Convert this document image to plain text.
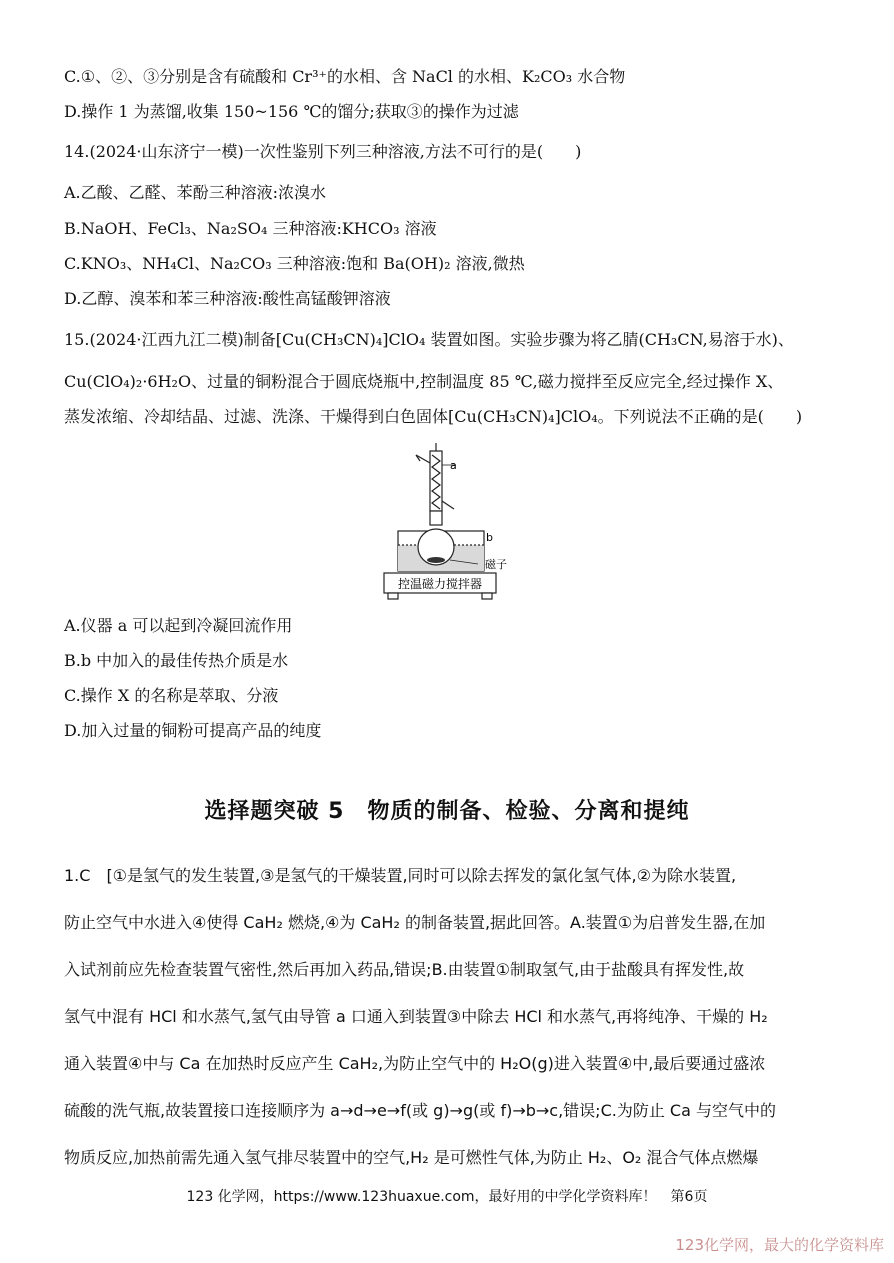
C.①、②、③分别是含有硫酸和 Cr³⁺的水相、含 NaCl 的水相、K₂CO₃ 水合物
D.操作 1 为蒸馏,收集 150~156 ℃的馏分;获取③的操作为过滤
14.(2024·山东济宁一模)一次性鉴别下列三种溶液,方法不可行的是(　　)
A.乙酸、乙醛、苯酚三种溶液:浓溴水
B.NaOH、FeCl₃、Na₂SO₄ 三种溶液:KHCO₃ 溶液
C.KNO₃、NH₄Cl、Na₂CO₃ 三种溶液:饱和 Ba(OH)₂ 溶液,微热
D.乙醇、溴苯和苯三种溶液:酸性高锰酸钾溶液
15.(2024·江西九江二模)制备[Cu(CH₃CN)₄]ClO₄ 装置如图。实验步骤为将乙腈(CH₃CN,易溶于水)、
Cu(ClO₄)₂·6H₂O、过量的铜粉混合于圆底烧瓶中,控制温度 85 ℃,磁力搅拌至反应完全,经过操作 X、
蒸发浓缩、冷却结晶、过滤、洗涤、干燥得到白色固体[Cu(CH₃CN)₄]ClO₄。下列说法不正确的是(　　)
a
b
磁子
控温磁力搅拌器
A.仪器 a 可以起到冷凝回流作用
B.b 中加入的最佳传热介质是水
C.操作 X 的名称是萃取、分液
D.加入过量的铜粉可提高产品的纯度
选择题突破 5　物质的制备、检验、分离和提纯
1.C　[①是氢气的发生装置,③是氢气的干燥装置,同时可以除去挥发的氯化氢气体,②为除水装置,
防止空气中水进入④使得 CaH₂ 燃烧,④为 CaH₂ 的制备装置,据此回答。A.装置①为启普发生器,在加
入试剂前应先检查装置气密性,然后再加入药品,错误;B.由装置①制取氢气,由于盐酸具有挥发性,故
氢气中混有 HCl 和水蒸气,氢气由导管 a 口通入到装置③中除去 HCl 和水蒸气,再将纯净、干燥的 H₂
通入装置④中与 Ca 在加热时反应产生 CaH₂,为防止空气中的 H₂O(g)进入装置④中,最后要通过盛浓
硫酸的洗气瓶,故装置接口连接顺序为 a→d→e→f(或 g)→g(或 f)→b→c,错误;C.为防止 Ca 与空气中的
物质反应,加热前需先通入氢气排尽装置中的空气,H₂ 是可燃性气体,为防止 H₂、O₂ 混合气体点燃爆
123 化学网，https://www.123huaxue.com，最好用的中学化学资料库！　第6页
123化学网，最大的化学资料库
